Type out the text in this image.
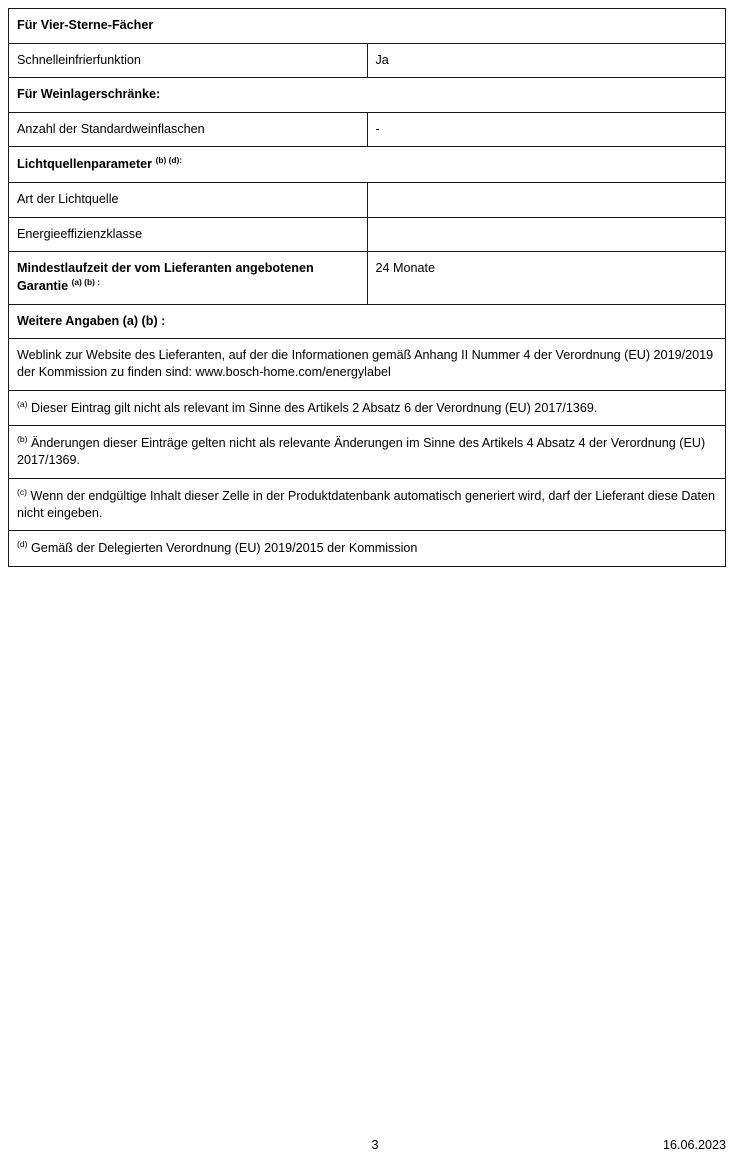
Für Vier-Sterne-Fächer	
Schnelleinfrierfunktion	Ja
Für Weinlagerschränke:	
Anzahl der Standardweinflaschen	-
Lichtquellenparameter $^{(b) (d):}$
Art der Lichtquelle	
Energieeffizienzklasse	
Mindestlaufzeit der vom Lieferanten angebotenen Garantie $^{(a) (b) :}$	24 Monate
Weitere Angaben (a) (b) :	
Weblink zur Website des Lieferanten, auf der die Informationen gemäß Anhang II Nummer 4 der Verordnung (EU) 2019/2019 der Kommission zu finden sind: www.bosch-home.com/energylabel	
$^{(a)}$ Dieser Eintrag gilt nicht als relevant im Sinne des Artikels 2 Absatz 6 der Verordnung (EU) 2017/1369.	
$^{(b)}$ Änderungen dieser Einträge gelten nicht als relevante Änderungen im Sinne des Artikels 4 Absatz 4 der Verordnung (EU) 2017/1369.	
$^{(c)}$ Wenn der endgültige Inhalt dieser Zelle in der Produktdatenbank automatisch generiert wird, darf der Lieferant diese Daten nicht eingeben.	
$^{(d)}$ Gemäß der Delegierten Verordnung (EU) 2019/2015 der Kommission	
3	16.06.2023
